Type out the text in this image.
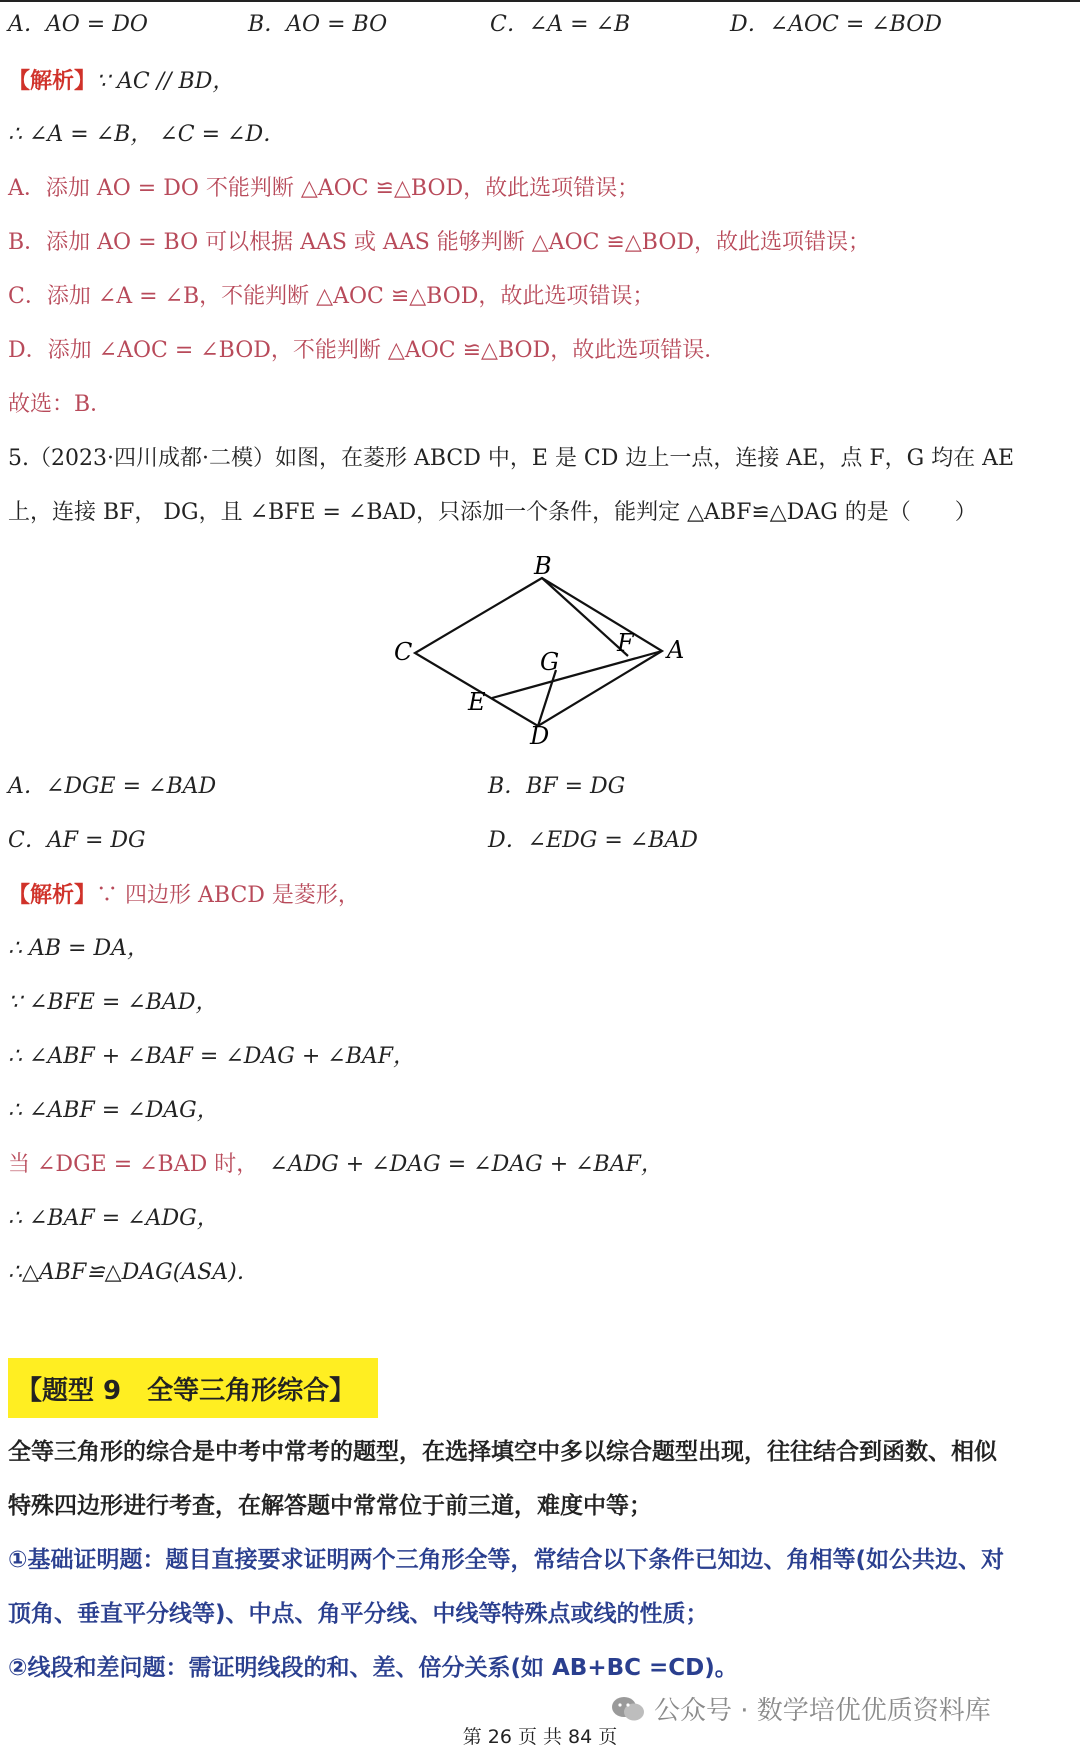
A．AO = DO	B．AO = BO	C．∠A = ∠B	D．∠AOC = ∠BOD
【解析】∵ AC // BD，
∴ ∠A = ∠B， ∠C = ∠D．
A．添加 AO = DO 不能判断 △AOC ≌△BOD，故此选项错误；
B．添加 AO = BO 可以根据 AAS 或 AAS 能够判断 △AOC ≌△BOD，故此选项错误；
C．添加 ∠A = ∠B，不能判断 △AOC ≌△BOD，故此选项错误；
D．添加 ∠AOC = ∠BOD，不能判断 △AOC ≌△BOD，故此选项错误．
故选：B．
5.（2023·四川成都·二模）如图，在菱形 ABCD 中，E 是 CD 边上一点，连接 AE，点 F，G 均在 AE
上，连接 BF， DG，且 ∠BFE = ∠BAD，只添加一个条件，能判定 △ABF≌△DAG 的是（　　）
B
C	A
D
E
F
G
A．∠DGE = ∠BAD	B．BF = DG
C．AF = DG	D．∠EDG = ∠BAD
【解析】∵ 四边形 ABCD 是菱形，
∴ AB = DA，
∵ ∠BFE = ∠BAD，
∴ ∠ABF + ∠BAF = ∠DAG + ∠BAF，
∴ ∠ABF = ∠DAG，
当 ∠DGE = ∠BAD 时，　 ∠ADG + ∠DAG = ∠DAG + ∠BAF，
∴ ∠BAF = ∠ADG，
∴△ABF≌△DAG(ASA)．
【题型 9　全等三角形综合】
全等三角形的综合是中考中常考的题型，在选择填空中多以综合题型出现，往往结合到函数、相似
特殊四边形进行考查，在解答题中常常位于前三道，难度中等；
①基础证明题：题目直接要求证明两个三角形全等，常结合以下条件已知边、角相等(如公共边、对
顶角、垂直平分线等)、中点、角平分线、中线等特殊点或线的性质；
②线段和差问题：需证明线段的和、差、倍分关系(如 AB+BC =CD)。
公众号 · 数学培优优质资料库
第 26 页 共 84 页
